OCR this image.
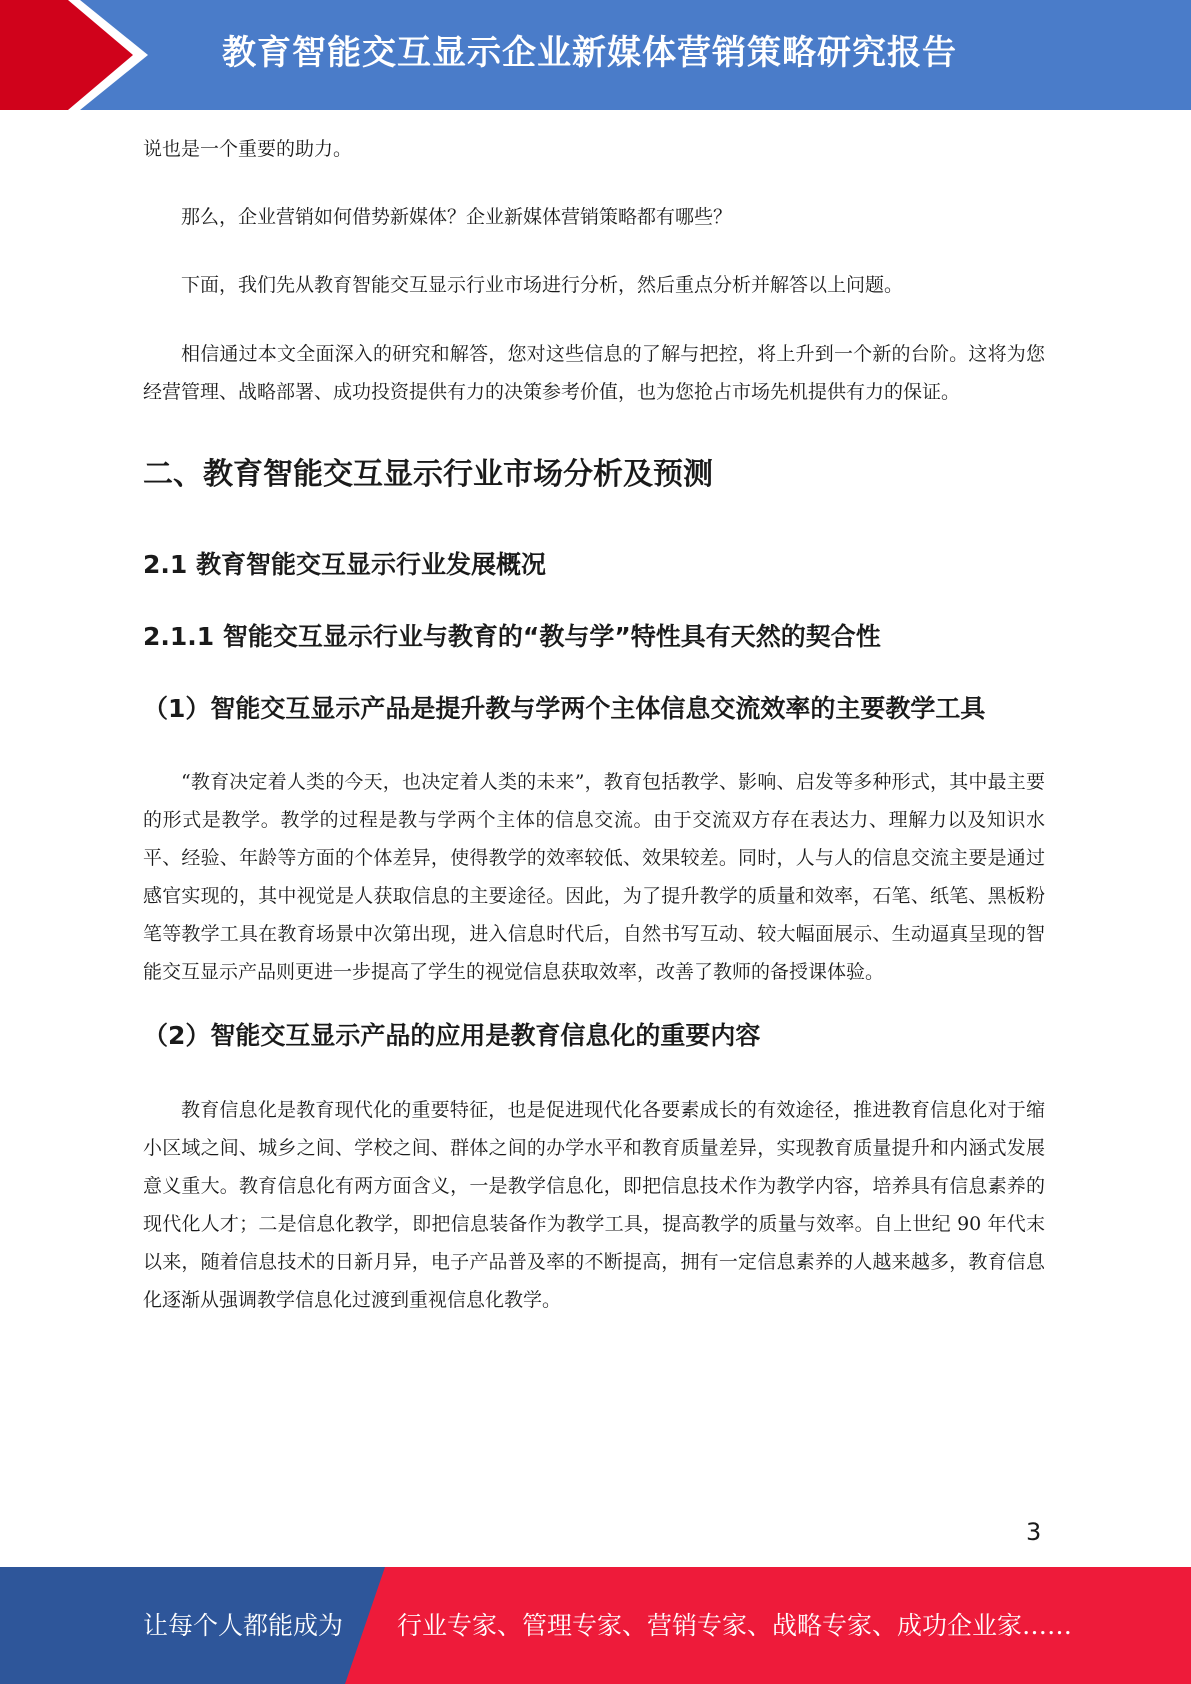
教育智能交互显示企业新媒体营销策略研究报告

说也是一个重要的助力。

那么，企业营销如何借势新媒体？企业新媒体营销策略都有哪些？

下面，我们先从教育智能交互显示行业市场进行分析，然后重点分析并解答以上问题。

相信通过本文全面深入的研究和解答，您对这些信息的了解与把控，将上升到一个新的台阶。这将为您经营管理、战略部署、成功投资提供有力的决策参考价值，也为您抢占市场先机提供有力的保证。

二、教育智能交互显示行业市场分析及预测
2.1 教育智能交互显示行业发展概况
2.1.1 智能交互显示行业与教育的“教与学”特性具有天然的契合性
（1）智能交互显示产品是提升教与学两个主体信息交流效率的主要教学工具

“教育决定着人类的今天，也决定着人类的未来”，教育包括教学、影响、启发等多种形式，其中最主要的形式是教学。教学的过程是教与学两个主体的信息交流。由于交流双方存在表达力、理解力以及知识水平、经验、年龄等方面的个体差异，使得教学的效率较低、效果较差。同时，人与人的信息交流主要是通过感官实现的，其中视觉是人获取信息的主要途径。因此，为了提升教学的质量和效率，石笔、纸笔、黑板粉笔等教学工具在教育场景中次第出现，进入信息时代后，自然书写互动、较大幅面展示、生动逼真呈现的智能交互显示产品则更进一步提高了学生的视觉信息获取效率，改善了教师的备授课体验。

（2）智能交互显示产品的应用是教育信息化的重要内容

教育信息化是教育现代化的重要特征，也是促进现代化各要素成长的有效途径，推进教育信息化对于缩小区域之间、城乡之间、学校之间、群体之间的办学水平和教育质量差异，实现教育质量提升和内涵式发展意义重大。教育信息化有两方面含义，一是教学信息化，即把信息技术作为教学内容，培养具有信息素养的现代化人才；二是信息化教学，即把信息装备作为教学工具，提高教学的质量与效率。自上世纪 90 年代末以来，随着信息技术的日新月异，电子产品普及率的不断提高，拥有一定信息素养的人越来越多，教育信息化逐渐从强调教学信息化过渡到重视信息化教学。

3
让每个人都能成为 行业专家、管理专家、营销专家、战略专家、成功企业家……
